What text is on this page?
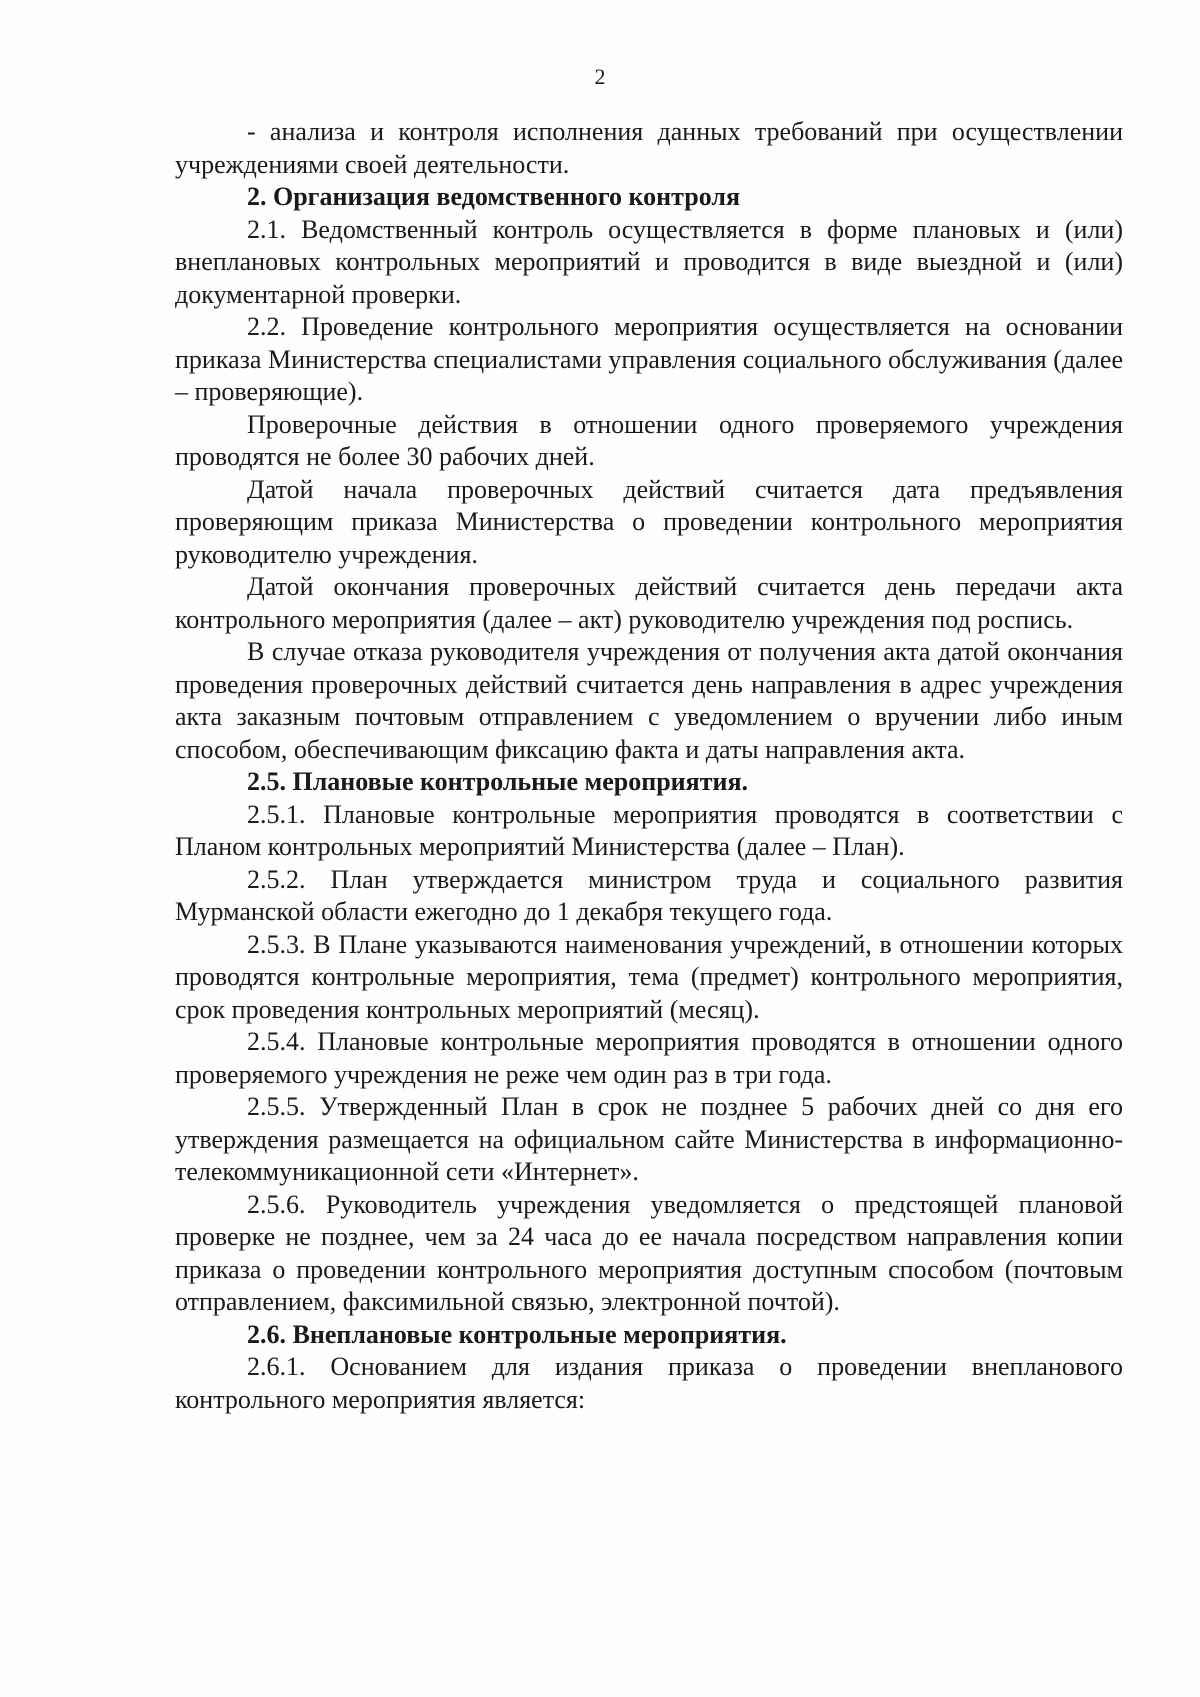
2

- анализа и контроля исполнения данных требований при осуществлении учреждениями своей деятельности.

2. Организация ведомственного контроля

2.1. Ведомственный контроль осуществляется в форме плановых и (или) внеплановых контрольных мероприятий и проводится в виде выездной и (или) документарной проверки.

2.2. Проведение контрольного мероприятия осуществляется на основании приказа Министерства специалистами управления социального обслуживания (далее – проверяющие).

Проверочные действия в отношении одного проверяемого учреждения проводятся не более 30 рабочих дней.

Датой начала проверочных действий считается дата предъявления проверяющим приказа Министерства о проведении контрольного мероприятия руководителю учреждения.

Датой окончания проверочных действий считается день передачи акта контрольного мероприятия (далее – акт) руководителю учреждения под роспись.

В случае отказа руководителя учреждения от получения акта датой окончания проведения проверочных действий считается день направления в адрес учреждения акта заказным почтовым отправлением с уведомлением о вручении либо иным способом, обеспечивающим фиксацию факта и даты направления акта.

2.5. Плановые контрольные мероприятия.

2.5.1. Плановые контрольные мероприятия проводятся в соответствии с Планом контрольных мероприятий Министерства (далее – План).

2.5.2. План утверждается министром труда и социального развития Мурманской области ежегодно до 1 декабря текущего года.

2.5.3. В Плане указываются наименования учреждений, в отношении которых проводятся контрольные мероприятия, тема (предмет) контрольного мероприятия, срок проведения контрольных мероприятий (месяц).

2.5.4. Плановые контрольные мероприятия проводятся в отношении одного проверяемого учреждения не реже чем один раз в три года.

2.5.5. Утвержденный План в срок не позднее 5 рабочих дней со дня его утверждения размещается на официальном сайте Министерства в информационно-телекоммуникационной сети «Интернет».

2.5.6. Руководитель учреждения уведомляется о предстоящей плановой проверке не позднее, чем за 24 часа до ее начала посредством направления копии приказа о проведении контрольного мероприятия доступным способом (почтовым отправлением, факсимильной связью, электронной почтой).

2.6. Внеплановые контрольные мероприятия.

2.6.1. Основанием для издания приказа о проведении внепланового контрольного мероприятия является:
